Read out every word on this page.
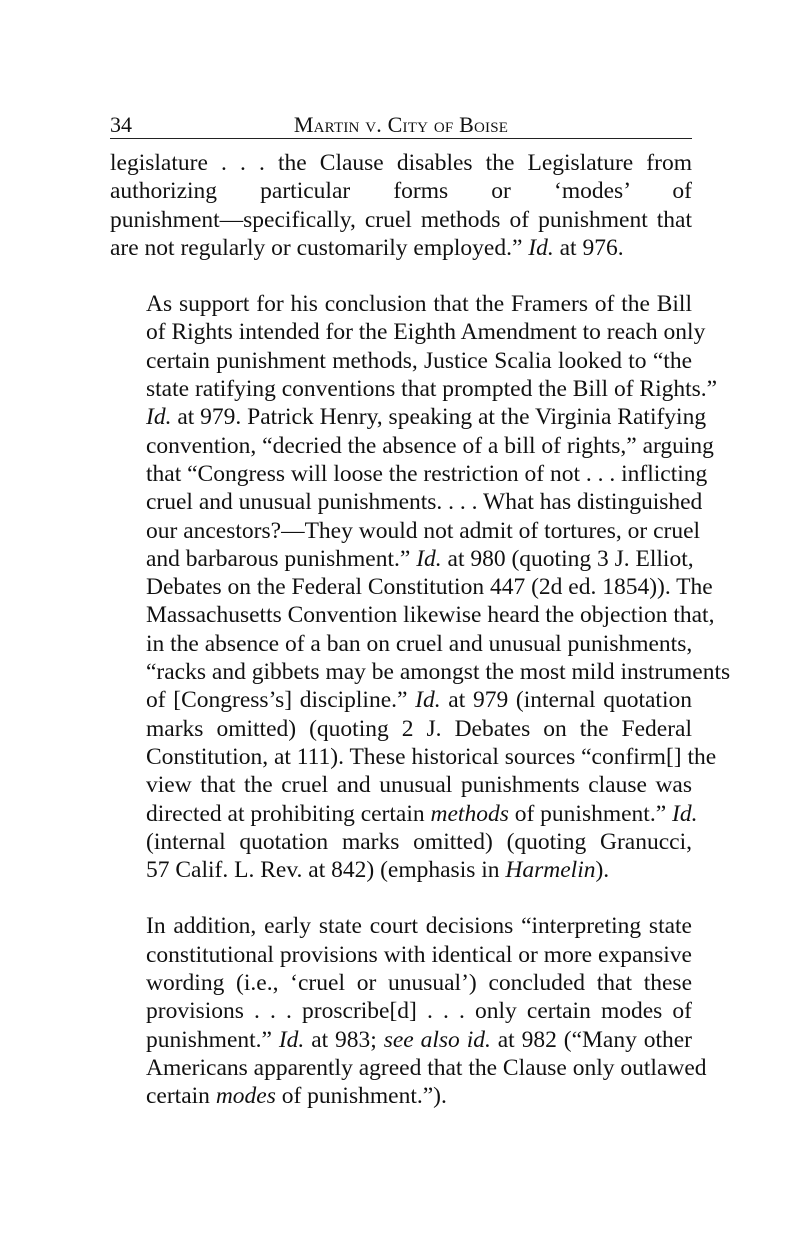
34	Martin v. City of Boise

legislature . . . the Clause disables the Legislature from
authorizing particular forms or ‘modes’ of
punishment—specifically, cruel methods of punishment that
are not regularly or customarily employed.” Id. at 976.

As support for his conclusion that the Framers of the Bill
of Rights intended for the Eighth Amendment to reach only
certain punishment methods, Justice Scalia looked to “the
state ratifying conventions that prompted the Bill of Rights.”
Id. at 979. Patrick Henry, speaking at the Virginia Ratifying
convention, “decried the absence of a bill of rights,” arguing
that “Congress will loose the restriction of not . . . inflicting
cruel and unusual punishments. . . . What has distinguished
our ancestors?—They would not admit of tortures, or cruel
and barbarous punishment.” Id. at 980 (quoting 3 J. Elliot,
Debates on the Federal Constitution 447 (2d ed. 1854)). The
Massachusetts Convention likewise heard the objection that,
in the absence of a ban on cruel and unusual punishments,
“racks and gibbets may be amongst the most mild instruments
of [Congress’s] discipline.” Id. at 979 (internal quotation
marks omitted) (quoting 2 J. Debates on the Federal
Constitution, at 111). These historical sources “confirm[] the
view that the cruel and unusual punishments clause was
directed at prohibiting certain methods of punishment.” Id.
(internal quotation marks omitted) (quoting Granucci,
57 Calif. L. Rev. at 842) (emphasis in Harmelin).

In addition, early state court decisions “interpreting state
constitutional provisions with identical or more expansive
wording (i.e., ‘cruel or unusual’) concluded that these
provisions . . . proscribe[d] . . . only certain modes of
punishment.” Id. at 983; see also id. at 982 (“Many other
Americans apparently agreed that the Clause only outlawed
certain modes of punishment.”).
